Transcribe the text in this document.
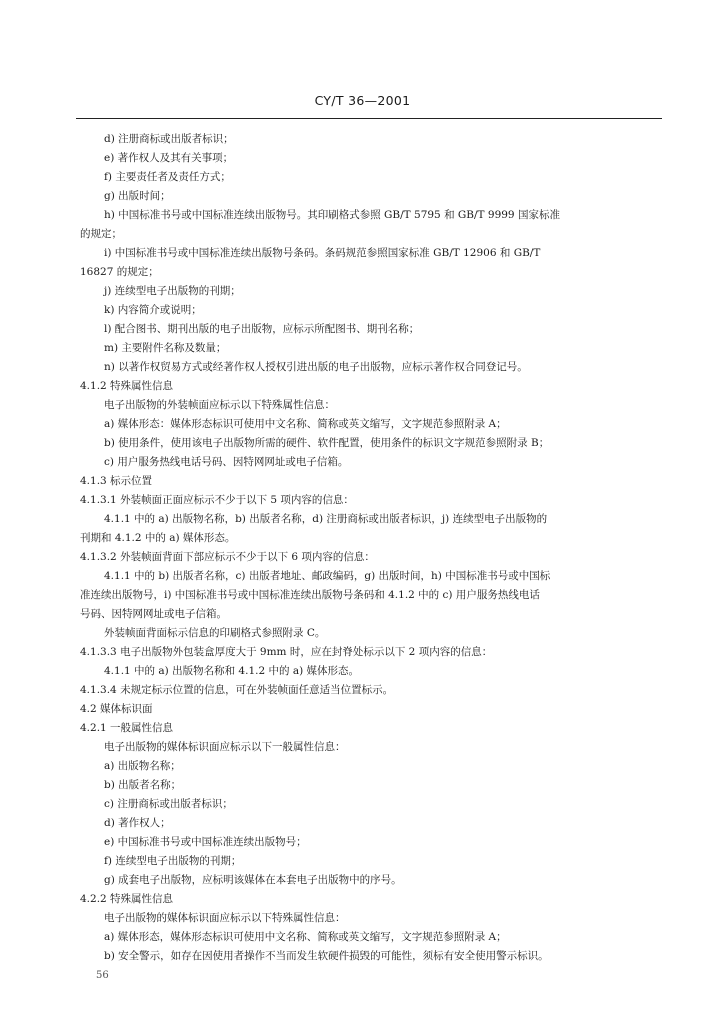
CY/T 36—2001
d) 注册商标或出版者标识；
e) 著作权人及其有关事项；
f) 主要责任者及责任方式；
g) 出版时间；
h) 中国标准书号或中国标准连续出版物号。其印刷格式参照 GB/T 5795 和 GB/T 9999 国家标准
的规定；
i) 中国标准书号或中国标准连续出版物号条码。条码规范参照国家标准 GB/T 12906 和 GB/T
16827 的规定；
j) 连续型电子出版物的刊期；
k) 内容简介或说明；
l) 配合图书、期刊出版的电子出版物，应标示所配图书、期刊名称；
m) 主要附件名称及数量；
n) 以著作权贸易方式或经著作权人授权引进出版的电子出版物，应标示著作权合同登记号。
4.1.2 特殊属性信息
电子出版物的外装帧面应标示以下特殊属性信息：
a) 媒体形态：媒体形态标识可使用中文名称、简称或英文缩写，文字规范参照附录 A；
b) 使用条件，使用该电子出版物所需的硬件、软件配置，使用条件的标识文字规范参照附录 B；
c) 用户服务热线电话号码、因特网网址或电子信箱。
4.1.3 标示位置
4.1.3.1 外装帧面正面应标示不少于以下 5 项内容的信息：
4.1.1 中的 a) 出版物名称，b) 出版者名称，d) 注册商标或出版者标识，j) 连续型电子出版物的
刊期和 4.1.2 中的 a) 媒体形态。
4.1.3.2 外装帧面背面下部应标示不少于以下 6 项内容的信息：
4.1.1 中的 b) 出版者名称，c) 出版者地址、邮政编码，g) 出版时间，h) 中国标准书号或中国标
准连续出版物号，i) 中国标准书号或中国标准连续出版物号条码和 4.1.2 中的 c) 用户服务热线电话
号码、因特网网址或电子信箱。
外装帧面背面标示信息的印刷格式参照附录 C。
4.1.3.3 电子出版物外包装盒厚度大于 9mm 时，应在封脊处标示以下 2 项内容的信息：
4.1.1 中的 a) 出版物名称和 4.1.2 中的 a) 媒体形态。
4.1.3.4 未规定标示位置的信息，可在外装帧面任意适当位置标示。
4.2 媒体标识面
4.2.1 一般属性信息
电子出版物的媒体标识面应标示以下一般属性信息：
a) 出版物名称；
b) 出版者名称；
c) 注册商标或出版者标识；
d) 著作权人；
e) 中国标准书号或中国标准连续出版物号；
f) 连续型电子出版物的刊期；
g) 成套电子出版物，应标明该媒体在本套电子出版物中的序号。
4.2.2 特殊属性信息
电子出版物的媒体标识面应标示以下特殊属性信息：
a) 媒体形态，媒体形态标识可使用中文名称、简称或英文缩写，文字规范参照附录 A；
b) 安全警示，如存在因使用者操作不当而发生软硬件损毁的可能性，须标有安全使用警示标识。
56
